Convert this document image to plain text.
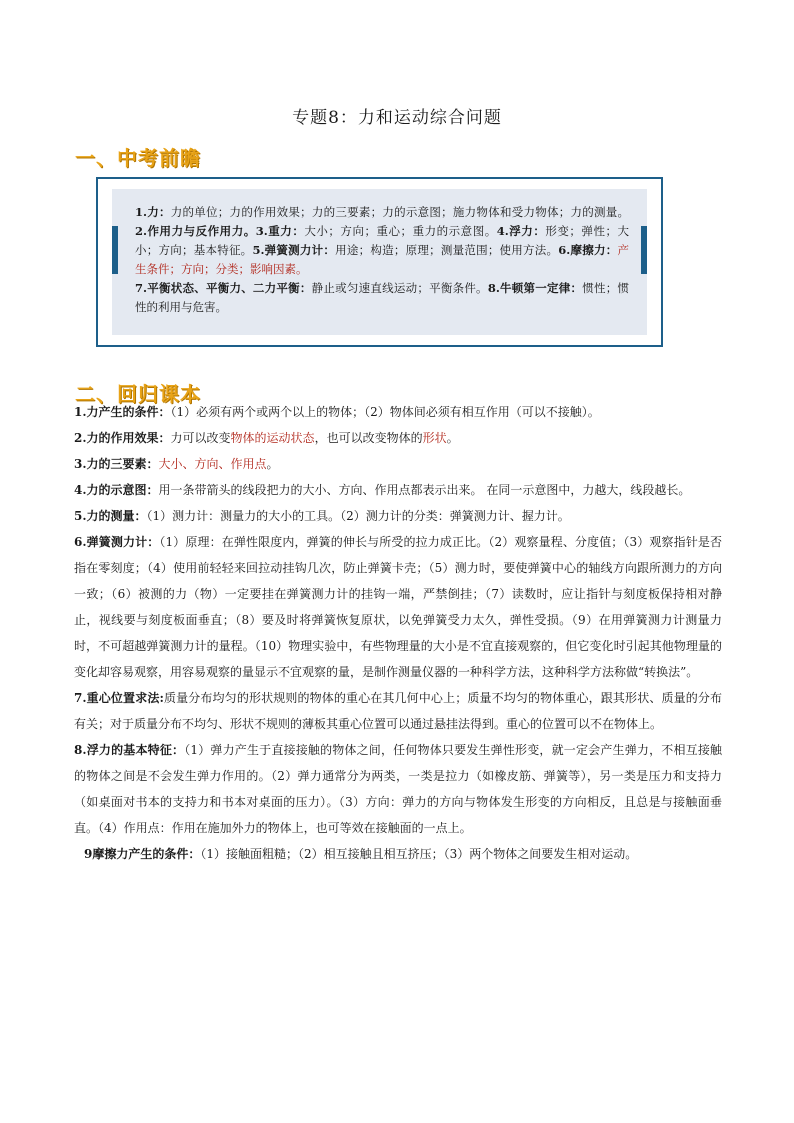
专题8：力和运动综合问题
一、中考前瞻
1.力：力的单位；力的作用效果；力的三要素；力的示意图；施力物体和受力物体；力的测量。2.作用力与反作用力。3.重力：大小；方向；重心；重力的示意图。4.浮力：形变；弹性；大小；方向；基本特征。5.弹簧测力计：用途；构造；原理；测量范围；使用方法。6.摩擦力：产生条件；方向；分类；影响因素。
7.平衡状态、平衡力、二力平衡：静止或匀速直线运动；平衡条件。8.牛顿第一定律：惯性；惯性的利用与危害。
二、回归课本

1.力产生的条件：（1）必须有两个或两个以上的物体；（2）物体间必须有相互作用（可以不接触）。

2.力的作用效果：力可以改变物体的运动状态，也可以改变物体的形状。

3.力的三要素：大小、方向、作用点。

4.力的示意图：用一条带箭头的线段把力的大小、方向、作用点都表示出来。 在同一示意图中，力越大，线段越长。

5.力的测量：（1）测力计：测量力的大小的工具。（2）测力计的分类：弹簧测力计、握力计。

6.弹簧测力计：（1）原理：在弹性限度内，弹簧的伸长与所受的拉力成正比。（2）观察量程、分度值；（3）观察指针是否指在零刻度；（4）使用前轻轻来回拉动挂钩几次，防止弹簧卡壳；（5）测力时，要使弹簧中心的轴线方向跟所测力的方向一致；（6）被测的力（物）一定要挂在弹簧测力计的挂钩一端，严禁倒挂；（7）读数时，应让指针与刻度板保持相对静止，视线要与刻度板面垂直；（8）要及时将弹簧恢复原状，以免弹簧受力太久，弹性受损。（9）在用弹簧测力计测量力时，不可超越弹簧测力计的量程。（10）物理实验中，有些物理量的大小是不宜直接观察的，但它变化时引起其他物理量的变化却容易观察，用容易观察的量显示不宜观察的量，是制作测量仪器的一种科学方法，这种科学方法称做“转换法”。

7.重心位置求法:质量分布均匀的形状规则的物体的重心在其几何中心上；质量不均匀的物体重心，跟其形状、质量的分布有关；对于质量分布不均匀、形状不规则的薄板其重心位置可以通过悬挂法得到。重心的位置可以不在物体上。

8.浮力的基本特征：（1）弹力产生于直接接触的物体之间，任何物体只要发生弹性形变，就一定会产生弹力，不相互接触的物体之间是不会发生弹力作用的。（2）弹力通常分为两类，一类是拉力（如橡皮筋、弹簧等），另一类是压力和支持力（如桌面对书本的支持力和书本对桌面的压力）。（3）方向：弹力的方向与物体发生形变的方向相反，且总是与接触面垂直。（4）作用点：作用在施加外力的物体上，也可等效在接触面的一点上。

9摩擦力产生的条件：（1）接触面粗糙；（2）相互接触且相互挤压；（3）两个物体之间要发生相对运动。
